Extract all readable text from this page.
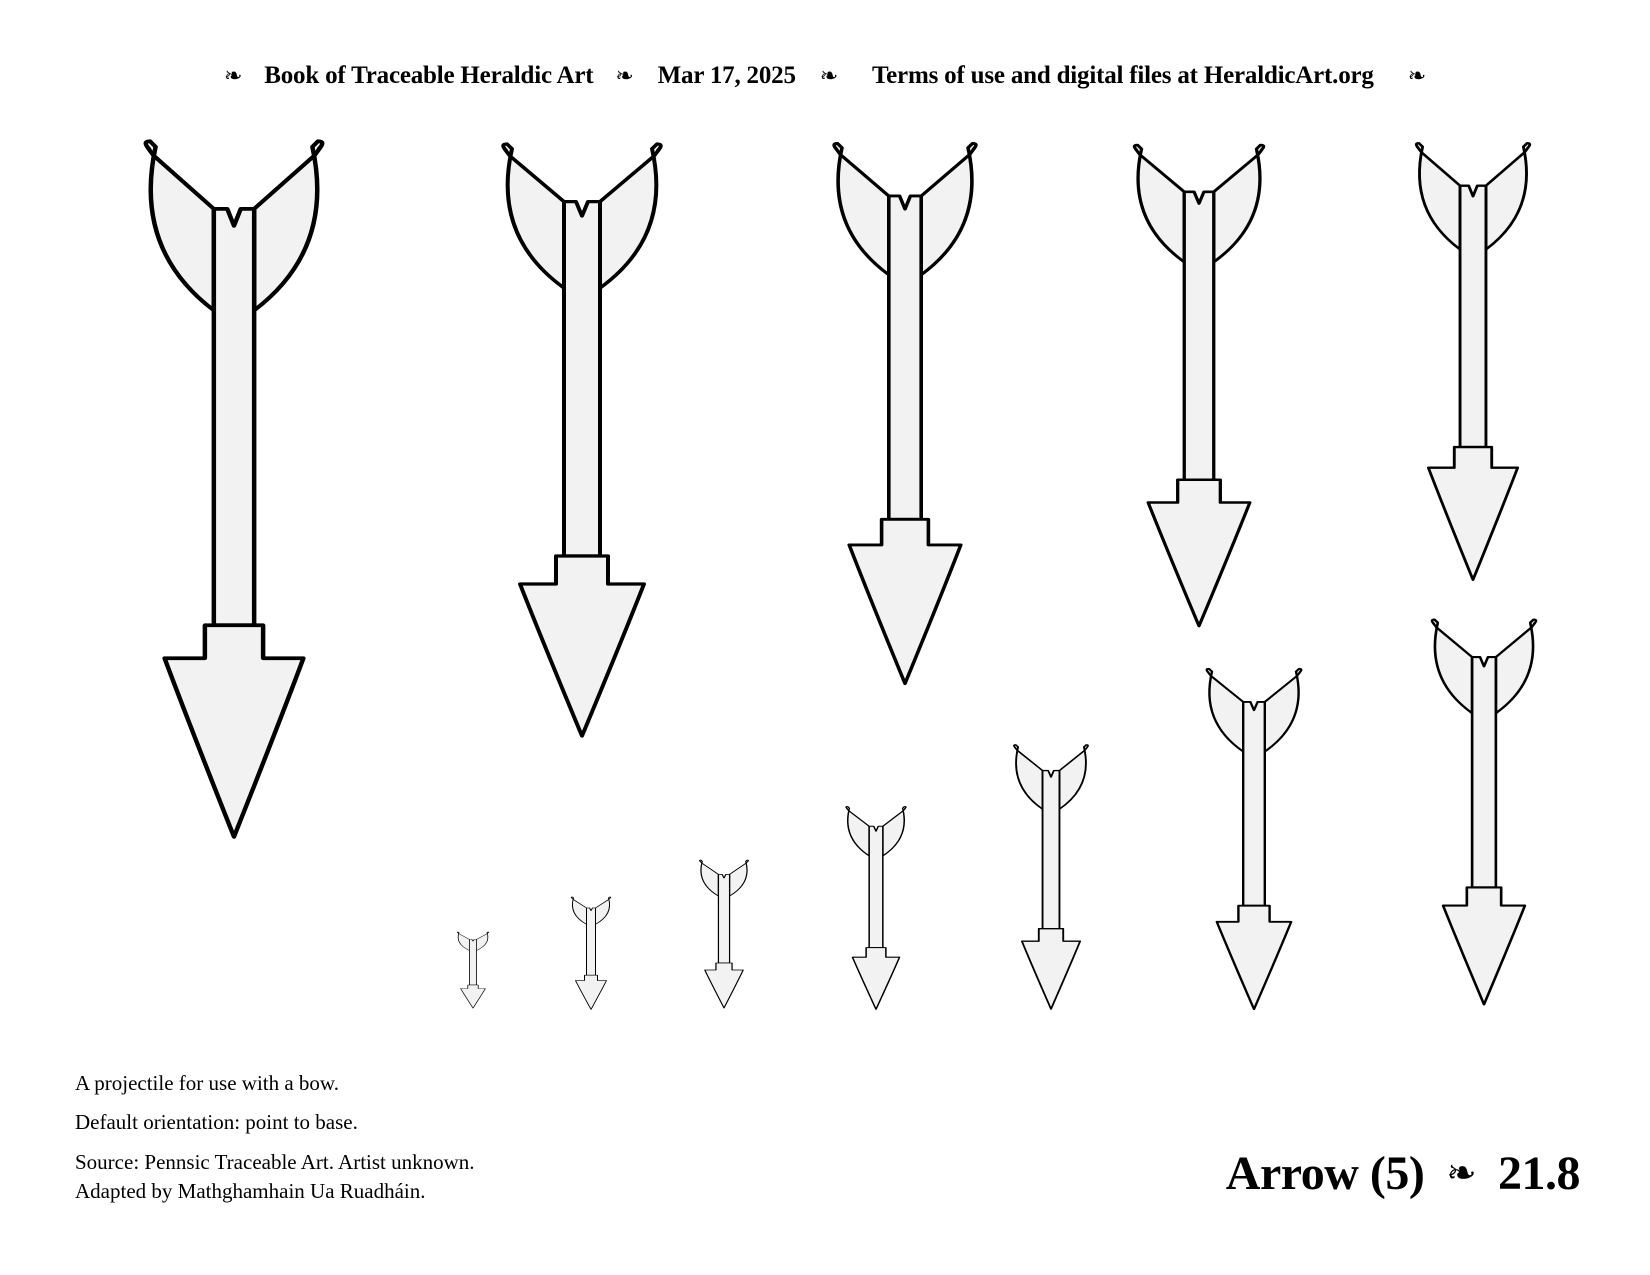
❧ Book of Traceable Heraldic Art ❧ Mar 17, 2025 ❧ Terms of use and digital files at HeraldicArt.org ❧
A projectile for use with a bow.
Default orientation: point to base.
Source: Pennsic Traceable Art. Artist unknown.
Adapted by Mathghamhain Ua Ruadháin.	Arrow (5) ❧ 21.8
